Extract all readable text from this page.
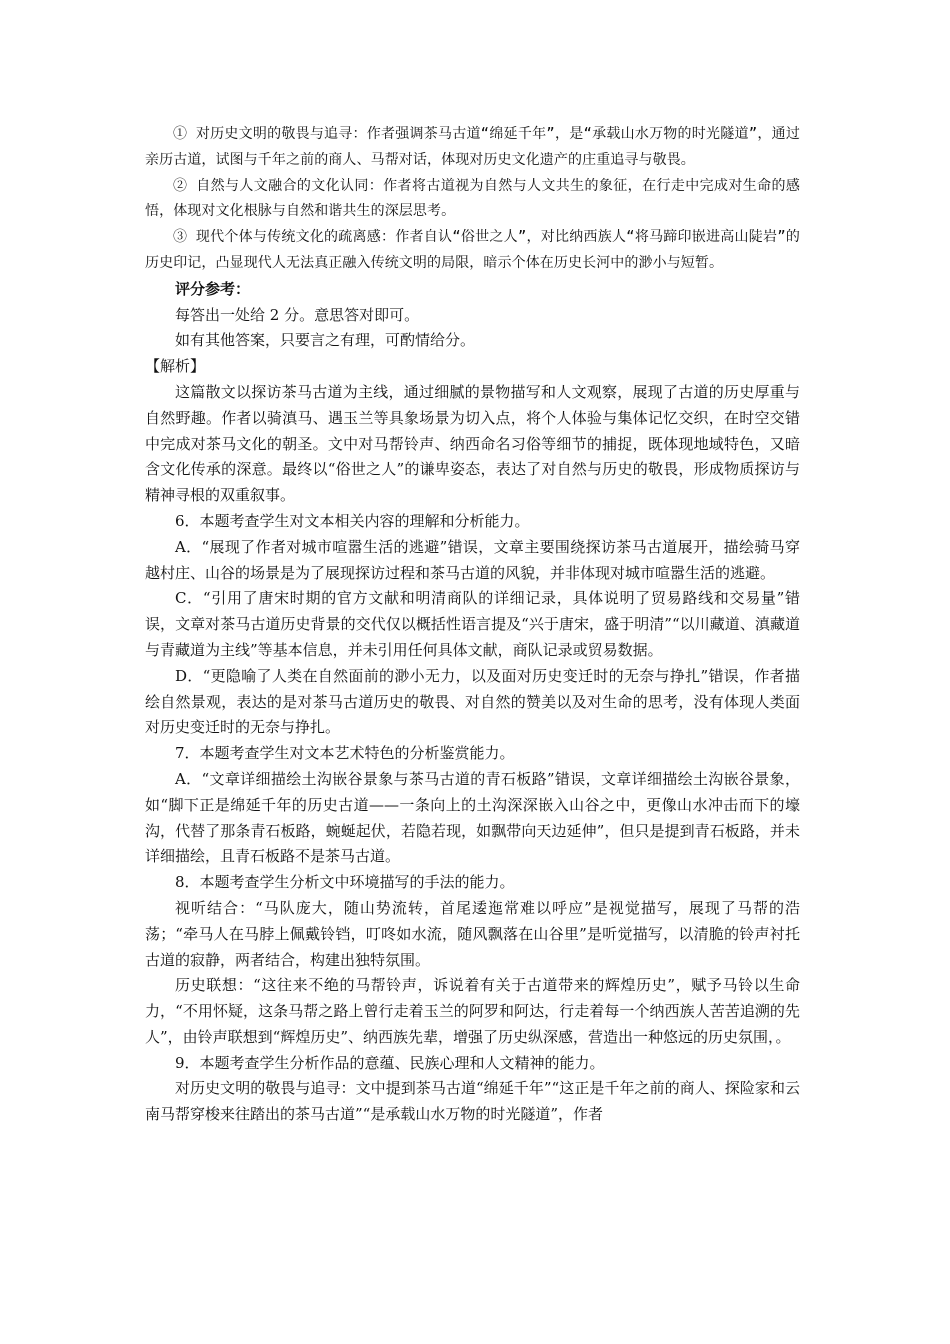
① 对历史文明的敬畏与追寻：作者强调茶马古道“绵延千年”，是“承载山水万物的时光隧道”，通过亲历古道，试图与千年之前的商人、马帮对话，体现对历史文化遗产的庄重追寻与敬畏。

② 自然与人文融合的文化认同：作者将古道视为自然与人文共生的象征，在行走中完成对生命的感悟，体现对文化根脉与自然和谐共生的深层思考。

③ 现代个体与传统文化的疏离感：作者自认“俗世之人”，对比纳西族人“将马蹄印嵌进高山陡岩”的历史印记，凸显现代人无法真正融入传统文明的局限，暗示个体在历史长河中的渺小与短暂。

评分参考：

每答出一处给 2 分。意思答对即可。

如有其他答案，只要言之有理，可酌情给分。

【解析】

这篇散文以探访茶马古道为主线，通过细腻的景物描写和人文观察，展现了古道的历史厚重与自然野趣。作者以骑滇马、遇玉兰等具象场景为切入点，将个人体验与集体记忆交织，在时空交错中完成对茶马文化的朝圣。文中对马帮铃声、纳西命名习俗等细节的捕捉，既体现地域特色，又暗含文化传承的深意。最终以“俗世之人”的谦卑姿态，表达了对自然与历史的敬畏，形成物质探访与精神寻根的双重叙事。

6．本题考查学生对文本相关内容的理解和分析能力。

A．“展现了作者对城市喧嚣生活的逃避”错误，文章主要围绕探访茶马古道展开，描绘骑马穿越村庄、山谷的场景是为了展现探访过程和茶马古道的风貌，并非体现对城市喧嚣生活的逃避。

C．“引用了唐宋时期的官方文献和明清商队的详细记录，具体说明了贸易路线和交易量”错误，文章对茶马古道历史背景的交代仅以概括性语言提及“兴于唐宋，盛于明清”“以川藏道、滇藏道与青藏道为主线”等基本信息，并未引用任何具体文献，商队记录或贸易数据。

D．“更隐喻了人类在自然面前的渺小无力，以及面对历史变迁时的无奈与挣扎”错误，作者描绘自然景观，表达的是对茶马古道历史的敬畏、对自然的赞美以及对生命的思考，没有体现人类面对历史变迁时的无奈与挣扎。

7．本题考查学生对文本艺术特色的分析鉴赏能力。

A．“文章详细描绘土沟嵌谷景象与茶马古道的青石板路”错误，文章详细描绘土沟嵌谷景象，如“脚下正是绵延千年的历史古道——一条向上的土沟深深嵌入山谷之中，更像山水冲击而下的壕沟，代替了那条青石板路，蜿蜒起伏，若隐若现，如飘带向天边延伸”，但只是提到青石板路，并未详细描绘，且青石板路不是茶马古道。

8．本题考查学生分析文中环境描写的手法的能力。

视听结合：“马队庞大，随山势流转，首尾逶迤常难以呼应”是视觉描写，展现了马帮的浩荡；“牵马人在马脖上佩戴铃铛，叮咚如水流，随风飘落在山谷里”是听觉描写，以清脆的铃声衬托古道的寂静，两者结合，构建出独特氛围。

历史联想：“这往来不绝的马帮铃声，诉说着有关于古道带来的辉煌历史”，赋予马铃以生命力，“不用怀疑，这条马帮之路上曾行走着玉兰的阿罗和阿达，行走着每一个纳西族人苦苦追溯的先人”，由铃声联想到“辉煌历史”、纳西族先辈，增强了历史纵深感，营造出一种悠远的历史氛围，。

9．本题考查学生分析作品的意蕴、民族心理和人文精神的能力。

对历史文明的敬畏与追寻：文中提到茶马古道“绵延千年”“这正是千年之前的商人、探险家和云南马帮穿梭来往踏出的茶马古道”“是承载山水万物的时光隧道”，作者
